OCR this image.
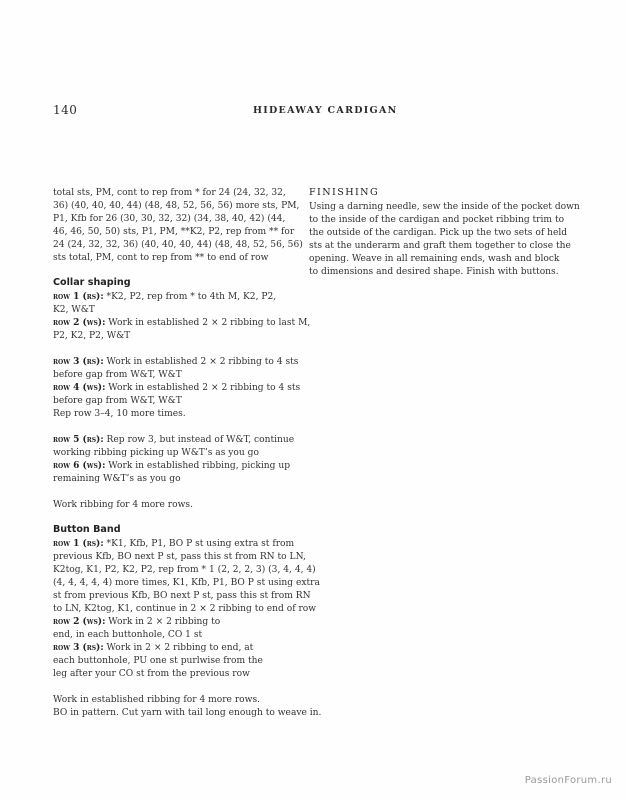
140	HIDEAWAY CARDIGAN
total sts, PM, cont to rep from * for 24 (24, 32, 32,
36) (40, 40, 40, 44) (48, 48, 52, 56, 56) more sts, PM,
P1, Kfb for 26 (30, 30, 32, 32) (34, 38, 40, 42) (44,
46, 46, 50, 50) sts, P1, PM, **K2, P2, rep from ** for
24 (24, 32, 32, 36) (40, 40, 40, 44) (48, 48, 52, 56, 56)
sts total, PM, cont to rep from ** to end of row
Collar shaping
row 1 (rs): *K2, P2, rep from * to 4th M, K2, P2,
K2, W&T
row 2 (ws): Work in established 2 × 2 ribbing to last M,
P2, K2, P2, W&T
row 3 (rs): Work in established 2 × 2 ribbing to 4 sts
before gap from W&T, W&T
row 4 (ws): Work in established 2 × 2 ribbing to 4 sts
before gap from W&T, W&T
Rep row 3–4, 10 more times.
row 5 (rs): Rep row 3, but instead of W&T, continue
working ribbing picking up W&T’s as you go
row 6 (ws): Work in established ribbing, picking up
remaining W&T’s as you go
Work ribbing for 4 more rows.
Button Band
row 1 (rs): *K1, Kfb, P1, BO P st using extra st from
previous Kfb, BO next P st, pass this st from RN to LN,
K2tog, K1, P2, K2, P2, rep from * 1 (2, 2, 2, 3) (3, 4, 4, 4)
(4, 4, 4, 4, 4) more times, K1, Kfb, P1, BO P st using extra
st from previous Kfb, BO next P st, pass this st from RN
to LN, K2tog, K1, continue in 2 × 2 ribbing to end of row
row 2 (ws): Work in 2 × 2 ribbing to
end, in each buttonhole, CO 1 st
row 3 (rs): Work in 2 × 2 ribbing to end, at
each buttonhole, PU one st purlwise from the
leg after your CO st from the previous row
Work in established ribbing for 4 more rows.
BO in pattern. Cut yarn with tail long enough to weave in.
FINISHING
Using a darning needle, sew the inside of the pocket down
to the inside of the cardigan and pocket ribbing trim to
the outside of the cardigan. Pick up the two sets of held
sts at the underarm and graft them together to close the
opening. Weave in all remaining ends, wash and block
to dimensions and desired shape. Finish with buttons.
PassionForum.ru
